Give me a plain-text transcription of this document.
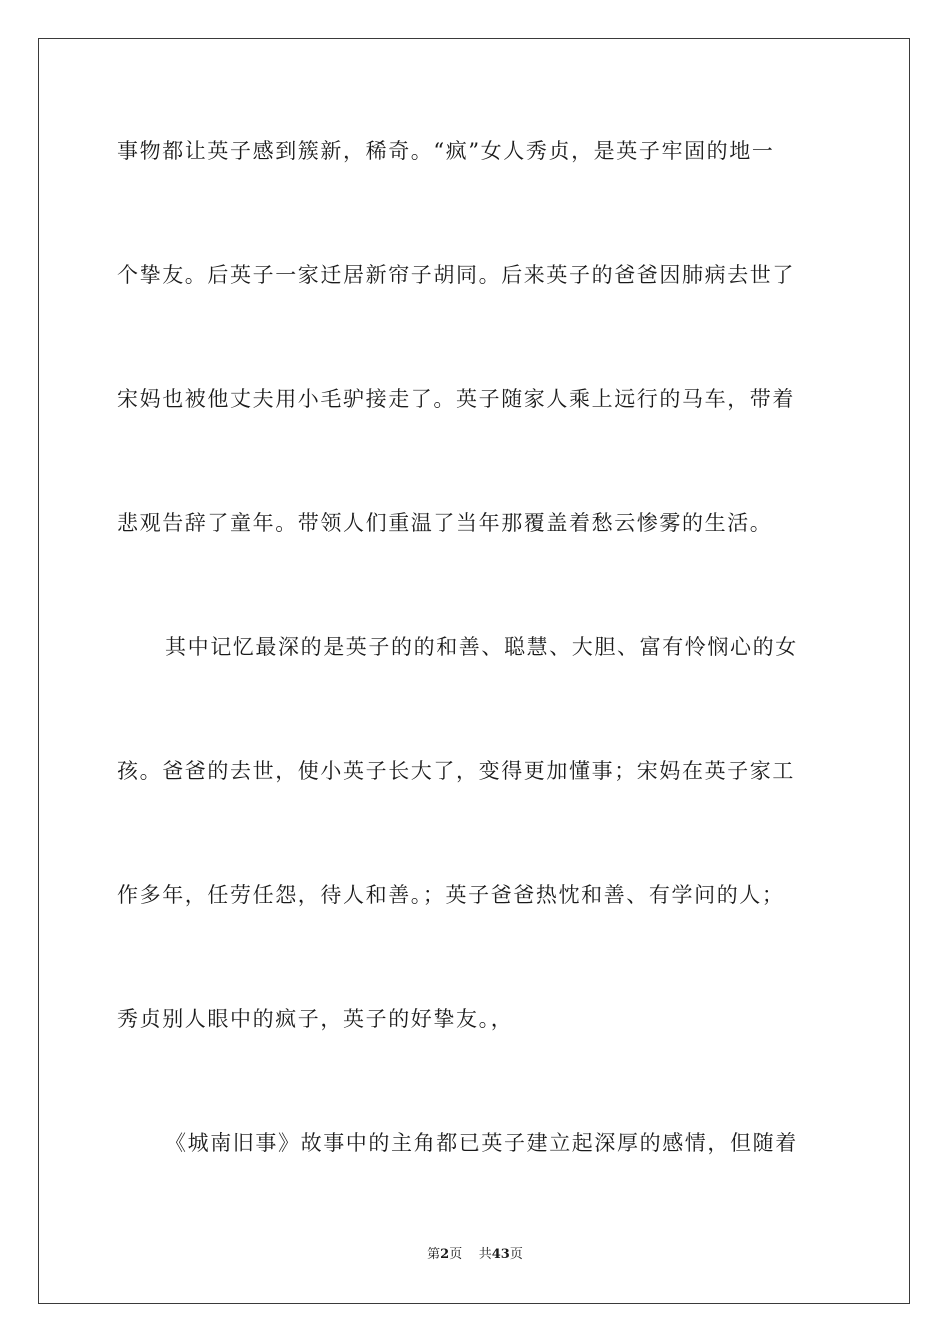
事物都让英子感到簇新，稀奇。“疯”女人秀贞，是英子牢固的地一
个挚友。后英子一家迁居新帘子胡同。后来英子的爸爸因肺病去世了
宋妈也被他丈夫用小毛驴接走了。英子随家人乘上远行的马车，带着
悲观告辞了童年。带领人们重温了当年那覆盖着愁云惨雾的生活。
其中记忆最深的是英子的的和善、聪慧、大胆、富有怜悯心的女
孩。爸爸的去世，使小英子长大了，变得更加懂事；宋妈在英子家工
作多年，任劳任怨，待人和善。；英子爸爸热忱和善、有学问的人；
秀贞别人眼中的疯子，英子的好挚友。，
《城南旧事》故事中的主角都已英子建立起深厚的感情，但随着
第2页 共43页
